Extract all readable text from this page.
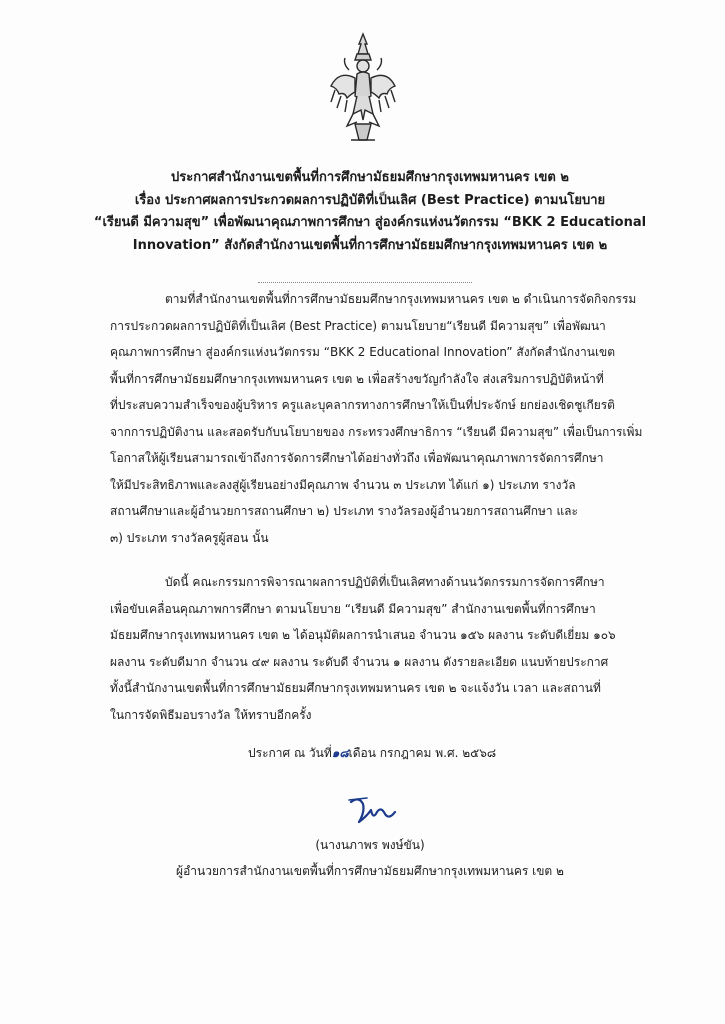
ประกาศสำนักงานเขตพื้นที่การศึกษามัธยมศึกษากรุงเทพมหานคร เขต ๒
เรื่อง ประกาศผลการประกวดผลการปฏิบัติที่เป็นเลิศ (Best Practice) ตามนโยบาย
“เรียนดี มีความสุข” เพื่อพัฒนาคุณภาพการศึกษา สู่องค์กรแห่งนวัตกรรม “BKK 2 Educational
Innovation” สังกัดสำนักงานเขตพื้นที่การศึกษามัธยมศึกษากรุงเทพมหานคร เขต ๒
ตามที่สำนักงานเขตพื้นที่การศึกษามัธยมศึกษากรุงเทพมหานคร เขต ๒ ดำเนินการจัดกิจกรรม
การประกวดผลการปฏิบัติที่เป็นเลิศ (Best Practice) ตามนโยบาย“เรียนดี มีความสุข” เพื่อพัฒนา
คุณภาพการศึกษา สู่องค์กรแห่งนวัตกรรม “BKK 2 Educational Innovation” สังกัดสำนักงานเขต
พื้นที่การศึกษามัธยมศึกษากรุงเทพมหานคร เขต ๒ เพื่อสร้างขวัญกำลังใจ ส่งเสริมการปฏิบัติหน้าที่
ที่ประสบความสำเร็จของผู้บริหาร ครูและบุคลากรทางการศึกษาให้เป็นที่ประจักษ์ ยกย่องเชิดชูเกียรติ
จากการปฏิบัติงาน และสอดรับกับนโยบายของ กระทรวงศึกษาธิการ “เรียนดี มีความสุข” เพื่อเป็นการเพิ่ม
โอกาสให้ผู้เรียนสามารถเข้าถึงการจัดการศึกษาได้อย่างทั่วถึง เพื่อพัฒนาคุณภาพการจัดการศึกษา
ให้มีประสิทธิภาพและลงสู่ผู้เรียนอย่างมีคุณภาพ จำนวน ๓ ประเภท ได้แก่ ๑) ประเภท รางวัล
สถานศึกษาและผู้อำนวยการสถานศึกษา ๒) ประเภท รางวัลรองผู้อำนวยการสถานศึกษา และ
๓) ประเภท รางวัลครูผู้สอน นั้น
บัดนี้ คณะกรรมการพิจารณาผลการปฏิบัติที่เป็นเลิศทางด้านนวัตกรรมการจัดการศึกษา
เพื่อขับเคลื่อนคุณภาพการศึกษา ตามนโยบาย “เรียนดี มีความสุข” สำนักงานเขตพื้นที่การศึกษา
มัธยมศึกษากรุงเทพมหานคร เขต ๒ ได้อนุมัติผลการนำเสนอ จำนวน ๑๕๖ ผลงาน ระดับดีเยี่ยม ๑๐๖
ผลงาน ระดับดีมาก จำนวน ๔๙ ผลงาน ระดับดี จำนวน ๑ ผลงาน ดังรายละเอียด แนบท้ายประกาศ
ทั้งนี้สำนักงานเขตพื้นที่การศึกษามัธยมศึกษากรุงเทพมหานคร เขต ๒ จะแจ้งวัน เวลา และสถานที่
ในการจัดพิธีมอบรางวัล ให้ทราบอีกครั้ง
ประกาศ ณ วันที่๑๘เดือน กรกฎาคม พ.ศ. ๒๕๖๘
(นางนภาพร พงษ์ขัน)
ผู้อำนวยการสำนักงานเขตพื้นที่การศึกษามัธยมศึกษากรุงเทพมหานคร เขต ๒
